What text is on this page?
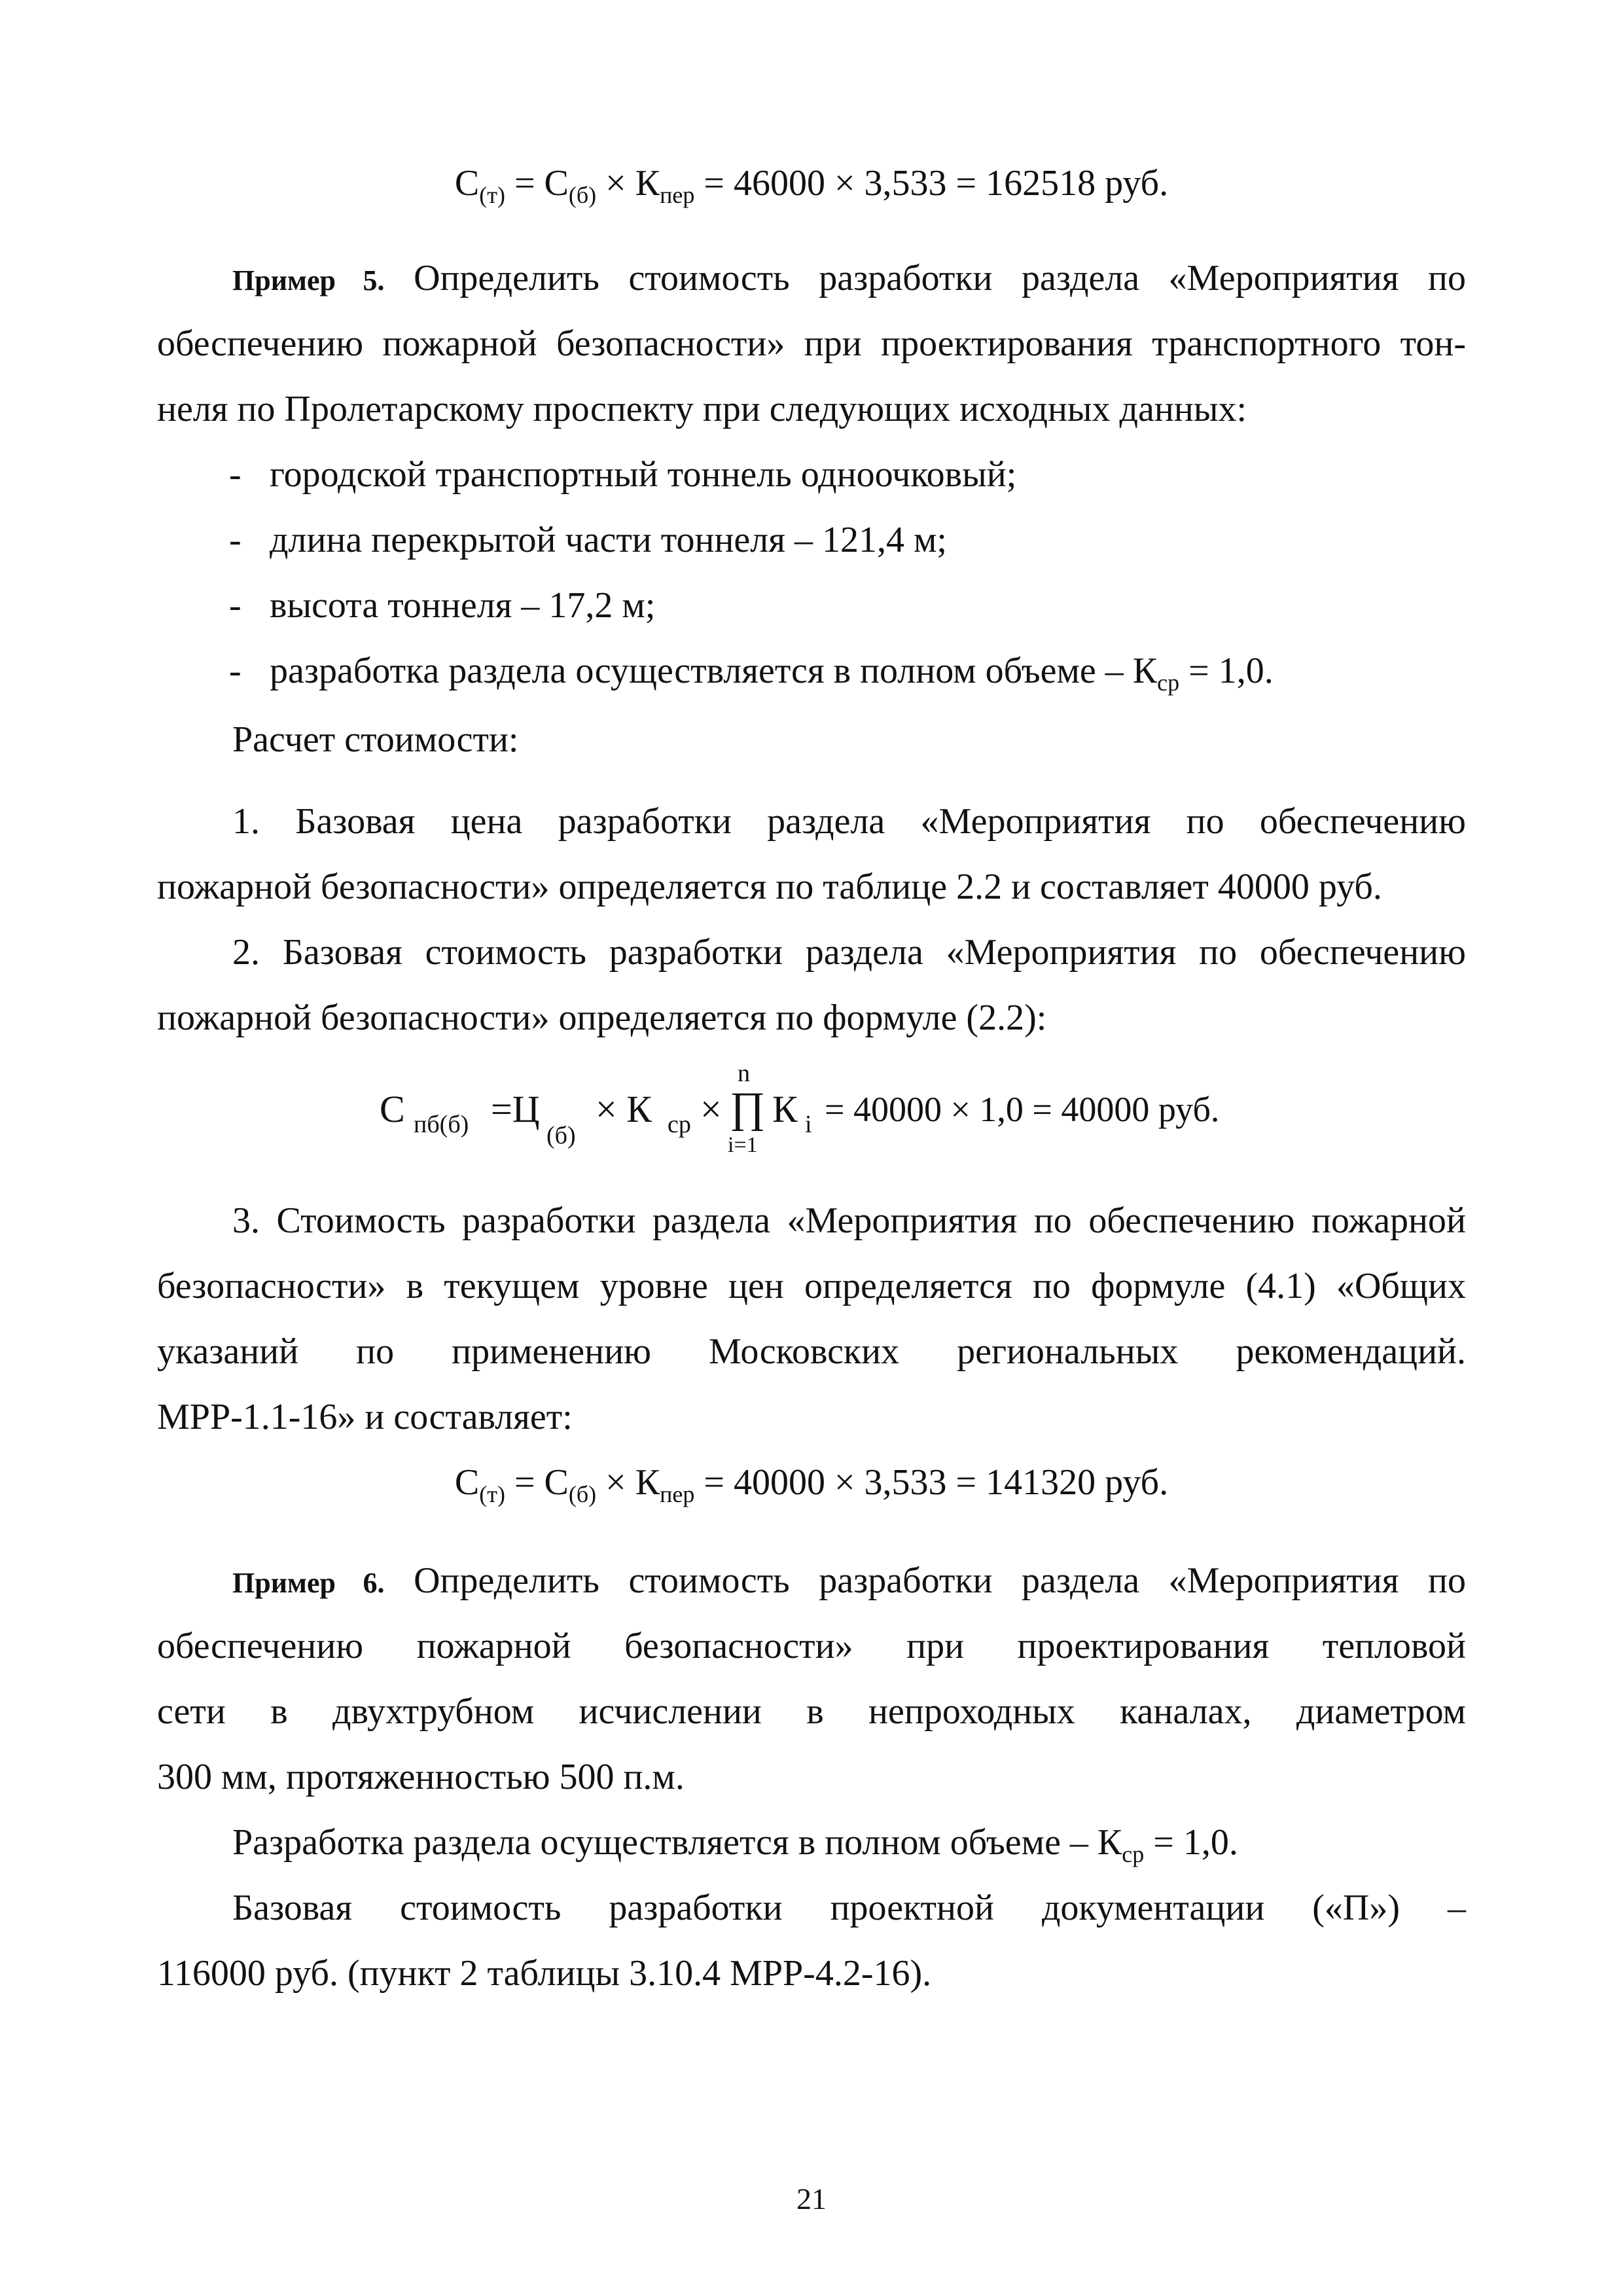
$С_{(т)} = С_{(б)} \times К_{пер} = 46000 \times 3,533 = 162518$ руб.
Пример 5. Определить стоимость разработки раздела «Мероприятия по
обеспечению пожарной безопасности» при проектирования транспортного тон-
неля по Пролетарскому проспекту при следующих исходных данных:
- городской транспортный тоннель одноочковый;
- длина перекрытой части тоннеля – 121,4 м;
- высота тоннеля – 17,2 м;
- разработка раздела осуществляется в полном объеме – $К_{ср} = 1,0$.
Расчет стоимости:
1. Базовая цена разработки раздела «Мероприятия по обеспечению
пожарной безопасности» определяется по таблице 2.2 и составляет 40000 руб.
2. Базовая стоимость разработки раздела «Мероприятия по обеспечению
пожарной безопасности» определяется по формуле (2.2):
С пб(б) =Ц
(б)
× К ср ×
n
∏
i=1
К i = 40000 × 1,0 = 40000 руб.
3. Стоимость разработки раздела «Мероприятия по обеспечению пожарной
безопасности» в текущем уровне цен определяется по формуле (4.1) «Общих
указаний по применению Московских региональных рекомендаций.
МРР-1.1-16» и составляет:
$С_{(т)} = С_{(б)} \times К_{пер} = 40000 \times 3,533 = 141320$ руб.
Пример 6. Определить стоимость разработки раздела «Мероприятия по
обеспечению пожарной безопасности» при проектирования тепловой
сети в двухтрубном исчислении в непроходных каналах, диаметром
300 мм, протяженностью 500 п.м.
Разработка раздела осуществляется в полном объеме – $К_{ср} = 1,0$.
Базовая стоимость разработки проектной документации («П») –
116000 руб. (пункт 2 таблицы 3.10.4 МРР-4.2-16).
21
